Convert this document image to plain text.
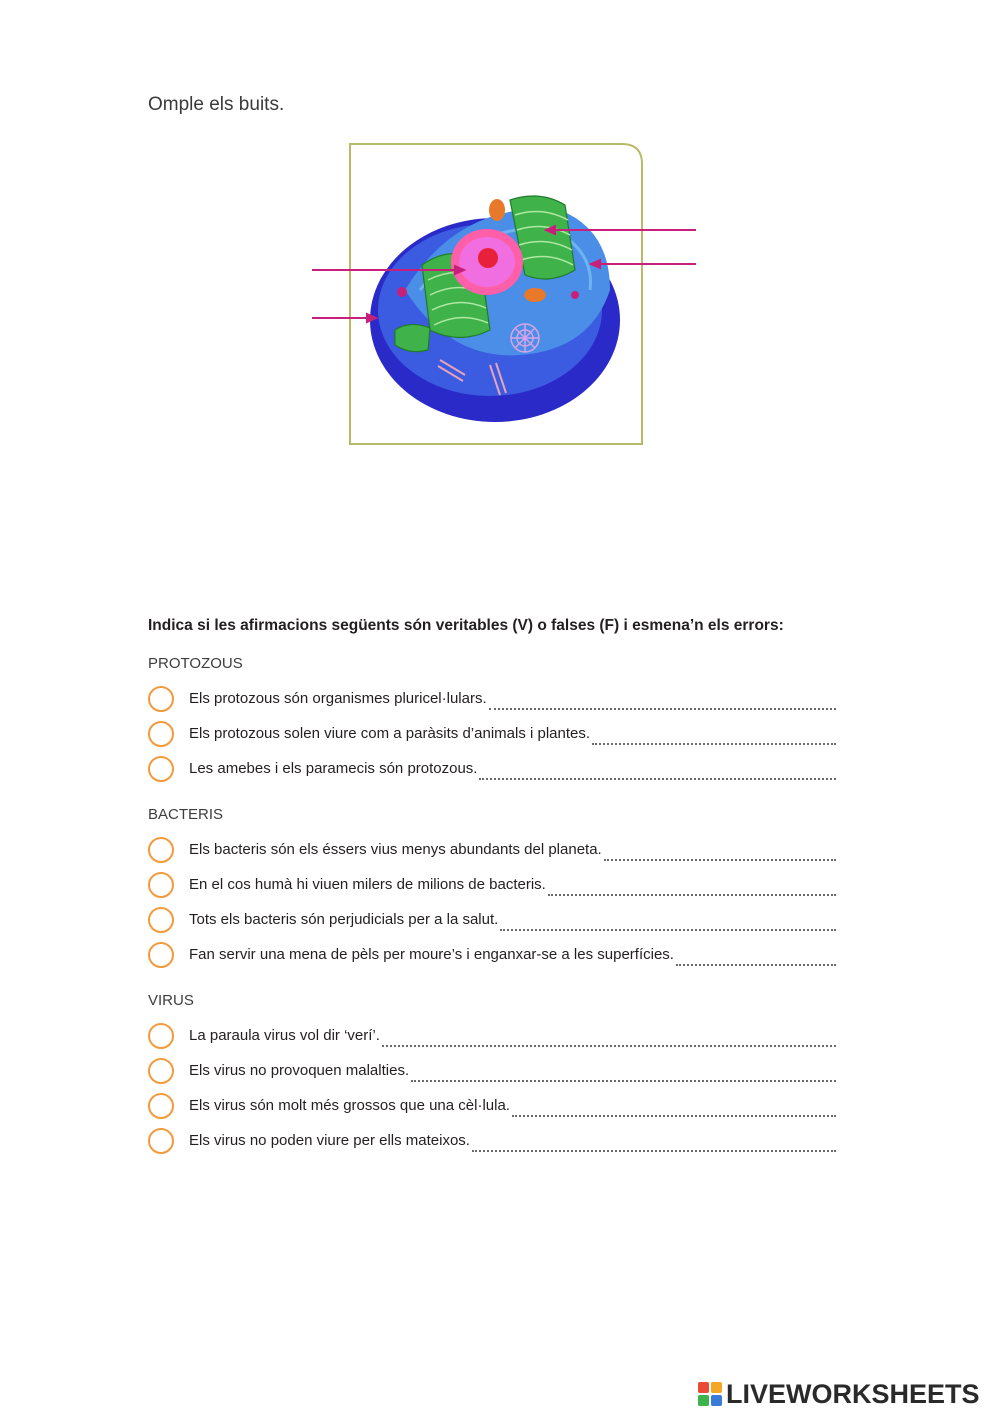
Omple els buits.
Indica si les afirmacions següents són veritables (V) o falses (F) i esmena’n els errors:
PROTOZOUS
Els protozous són organismes pluricel·lulars.
Els protozous solen viure com a paràsits d’animals i plantes.
Les amebes i els paramecis són protozous.
BACTERIS
Els bacteris són els éssers vius menys abundants del planeta.
En el cos humà hi viuen milers de milions de bacteris.
Tots els bacteris són perjudicials per a la salut.
Fan servir una mena de pèls per moure’s i enganxar-se a les superfícies.
VIRUS
La paraula virus vol dir ‘verí’.
Els virus no provoquen malalties.
Els virus són molt més grossos que una cèl·lula.
Els virus no poden viure per ells mateixos.
LIVEWORKSHEETS
